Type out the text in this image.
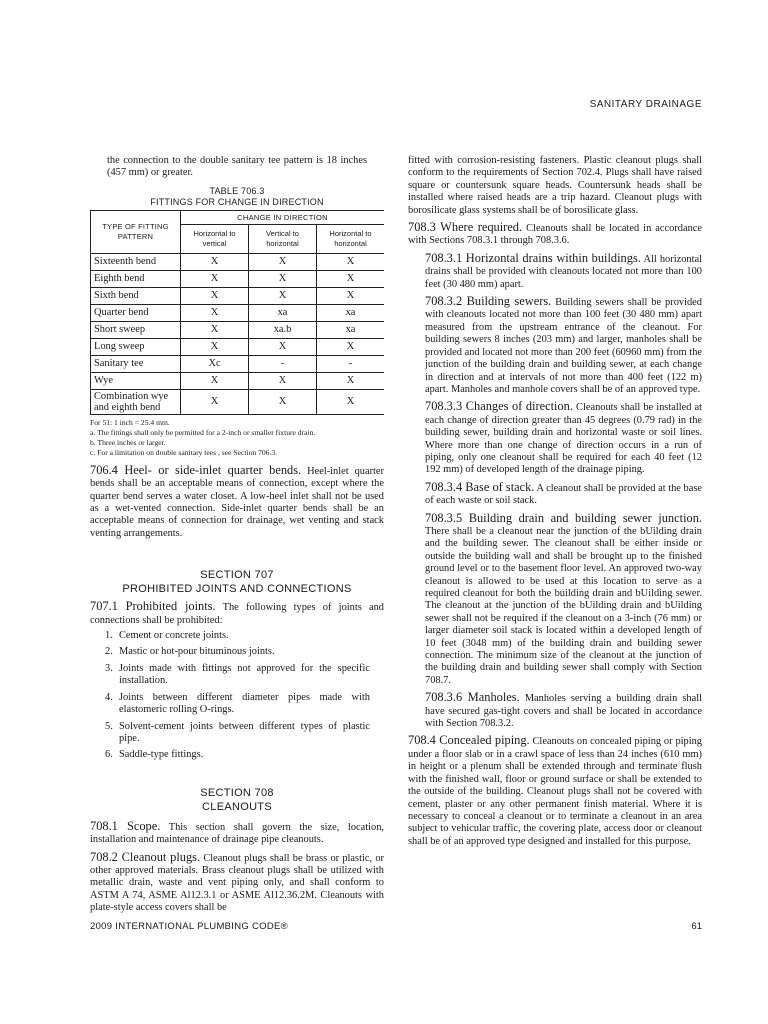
SANITARY DRAINAGE

the connection to the double sanitary tee pattern is 18 inches (457 mm) or greater.

TABLE 706.3
FITTINGS FOR CHANGE IN DIRECTION
TYPE OF FITTING PATTERN	CHANGE IN DIRECTION		
	Horizontal to vertical	Vertical to horizontal	Horizontal to horizontal
Sixteenth bend	X	X	X
Eighth bend	X	X	X
Sixth bend	X	X	X
Quarter bend	X	xa	xa
Short sweep	X	xa.b	xa
Long sweep	X	X	X
Sanitary tee	Xc	-	-
Wye	X	X	X
Combination wye and eighth bend	X	X	X

For 51: 1 inch = 25.4 mm.

a. The fittings shall only be permitted for a 2-inch or smaller fixture drain.

b. Three inches or larger.

c. For a limitation on double sanitary tees , see Section 706.3.

706.4 Heel- or side-inlet quarter bends. Heel-inlet quarter bends shall be an acceptable means of connection, except where the quarter bend serves a water closet. A low-heel inlet shall not be used as a wet-vented connection. Side-inlet quarter bends shall be an acceptable means of connection for drainage, wet venting and stack venting arrangements.

SECTION 707
PROHIBITED JOINTS AND CONNECTIONS

707.1 Prohibited joints. The following types of joints and connections shall be prohibited:

1. Cement or concrete joints.
2. Mastic or hot-pour bituminous joints.
3. Joints made with fittings not approved for the specific installation.
4. Joints between different diameter pipes made with elastomeric rolling O-rings.
5. Solvent-cement joints between different types of plastic pipe.
6. Saddle-type fittings.
SECTION 708
CLEANOUTS

708.1 Scope. This section shall govern the size, location, installation and maintenance of drainage pipe cleanouts.

708.2 Cleanout plugs. Cleanout plugs shall be brass or plastic, or other approved materials. Brass cleanout plugs shall be utilized with metallic drain, waste and vent piping only, and shall conform to ASTM A 74, ASME Al12.3.1 or ASME Al12.36.2M. Cleanouts with plate-style access covers shall be

fitted with corrosion-resisting fasteners. Plastic cleanout plugs shall conform to the requirements of Section 702.4. Plugs shall have raised square or countersunk square heads. Countersunk heads shall be installed where raised heads are a trip hazard. Cleanout plugs with borosilicate glass systems shall be of borosilicate glass.

708.3 Where required. Cleanouts shall be located in accordance with Sections 708.3.1 through 708.3.6.

708.3.1 Horizontal drains within buildings. All horizontal drains shall be provided with cleanouts located not more than 100 feet (30 480 mm) apart.

708.3.2 Building sewers. Building sewers shall be provided with cleanouts located not more than 100 feet (30 480 mm) apart measured from the upstream entrance of the cleanout. For building sewers 8 inches (203 mm) and larger, manholes shall be provided and located not more than 200 feet (60960 mm) from the junction of the building drain and building sewer, at each change in direction and at intervals of not more than 400 feet (122 m) apart. Manholes and manhole covers shall be of an approved type.

708.3.3 Changes of direction. Cleanouts shall be installed at each change of direction greater than 45 degrees (0.79 rad) in the building sewer, building drain and horizontal waste or soil lines. Where more than one change of direction occurs in a run of piping, only one cleanout shall be required for each 40 feet (12 192 mm) of developed length of the drainage piping.

708.3.4 Base of stack. A cleanout shall be provided at the base of each waste or soil stack.

708.3.5 Building drain and building sewer junction. There shall be a cleanout near the junction of the bUilding drain and the building sewer. The cleanout shall be either inside or outside the building wall and shall be brought up to the finished ground level or to the basement floor level. An approved two-way cleanout is allowed to be used at this location to serve as a required cleanout for both the building drain and bUilding sewer. The cleanout at the junction of the bUilding drain and bUilding sewer shall not be required if the cleanout on a 3-inch (76 mm) or larger diameter soil stack is located within a developed length of 10 feet (3048 mm) of the building drain and building sewer connection. The minimum size of the cleanout at the junction of the building drain and building sewer shall comply with Section 708.7.

708.3.6 Manholes. Manholes serving a building drain shall have secured gas-tight covers and shall be located in accordance with Section 708.3.2.

708.4 Concealed piping. Cleanouts on concealed piping or piping under a floor slab or in a crawl space of less than 24 inches (610 mm) in height or a plenum shall be extended through and terminate flush with the finished wall, floor or ground surface or shall be extended to the outside of the building. Cleanout plugs shall not be covered with cement, plaster or any other permanent finish material. Where it is necessary to conceal a cleanout or to terminate a cleanout in an area subject to vehicular traffic, the covering plate, access door or cleanout shall be of an approved type designed and installed for this purpose.

2009 INTERNATIONAL PLUMBING CODE®	61
